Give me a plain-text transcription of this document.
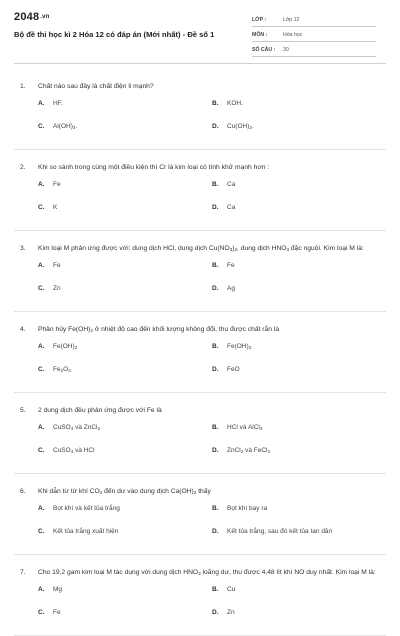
2048.vn
Bộ đề thi học kì 2 Hóa 12 có đáp án (Mới nhất) - Đề số 1
LỚP :	Lớp 12
MÔN :	Hóa học
SỐ CÂU : 30
1.	Chất nào sau đây là chất điện li mạnh?
A.	HF.	B.	KOH.
C.	$Al(OH)_3$.	D.	$Cu(OH)_2$.
2.	Khi so sánh trong cùng một điều kiện thì Cr là kim loại có tính khử mạnh hơn :
A.	Fe	B.	Ca
C.	K	D.	Ca
3.	Kim loại M phản ứng được với: dung dịch HCl, dung dịch $Cu(NO_3)_2$, dung dịch $HNO_3$ đặc nguội. Kim loại M là:
A.	Fe	B.	Fe
C.	Zn	D.	Ag
4.	Phân hủy $Fe(OH)_3$ ở nhiệt độ cao đến khối lượng không đổi, thu được chất rắn là
A.	$Fe(OH)_2$	B.	$Fe(OH)_3$
C.	$Fe_2O_3$	D.	FeO
5.	2 dung dịch đều phản ứng được với Fe là
A.	CuSO$_4$ và ZnCl$_2$	B.	HCl và AlCl$_3$
C.	CuSO$_4$ và HCl	D.	ZnCl$_2$ và FeCl$_3$
6.	Khi dẫn từ từ khí $CO_2$ đến dư vào dung dịch $Ca(OH)_2$ thấy
A.	Bọt khí và kết tủa trắng	B.	Bọt khí bay ra
C.	Kết tủa trắng xuất hiện	D.	Kết tủa trắng, sau đó kết tủa tan dần
7.	Cho 19,2 gam kim loại M tác dụng với dung dịch $HNO_3$ loãng dư, thu được 4,48 lít khí NO duy nhất. Kim loại M là:
A.	Mg	B.	Cu
C.	Fe	D.	Zn
